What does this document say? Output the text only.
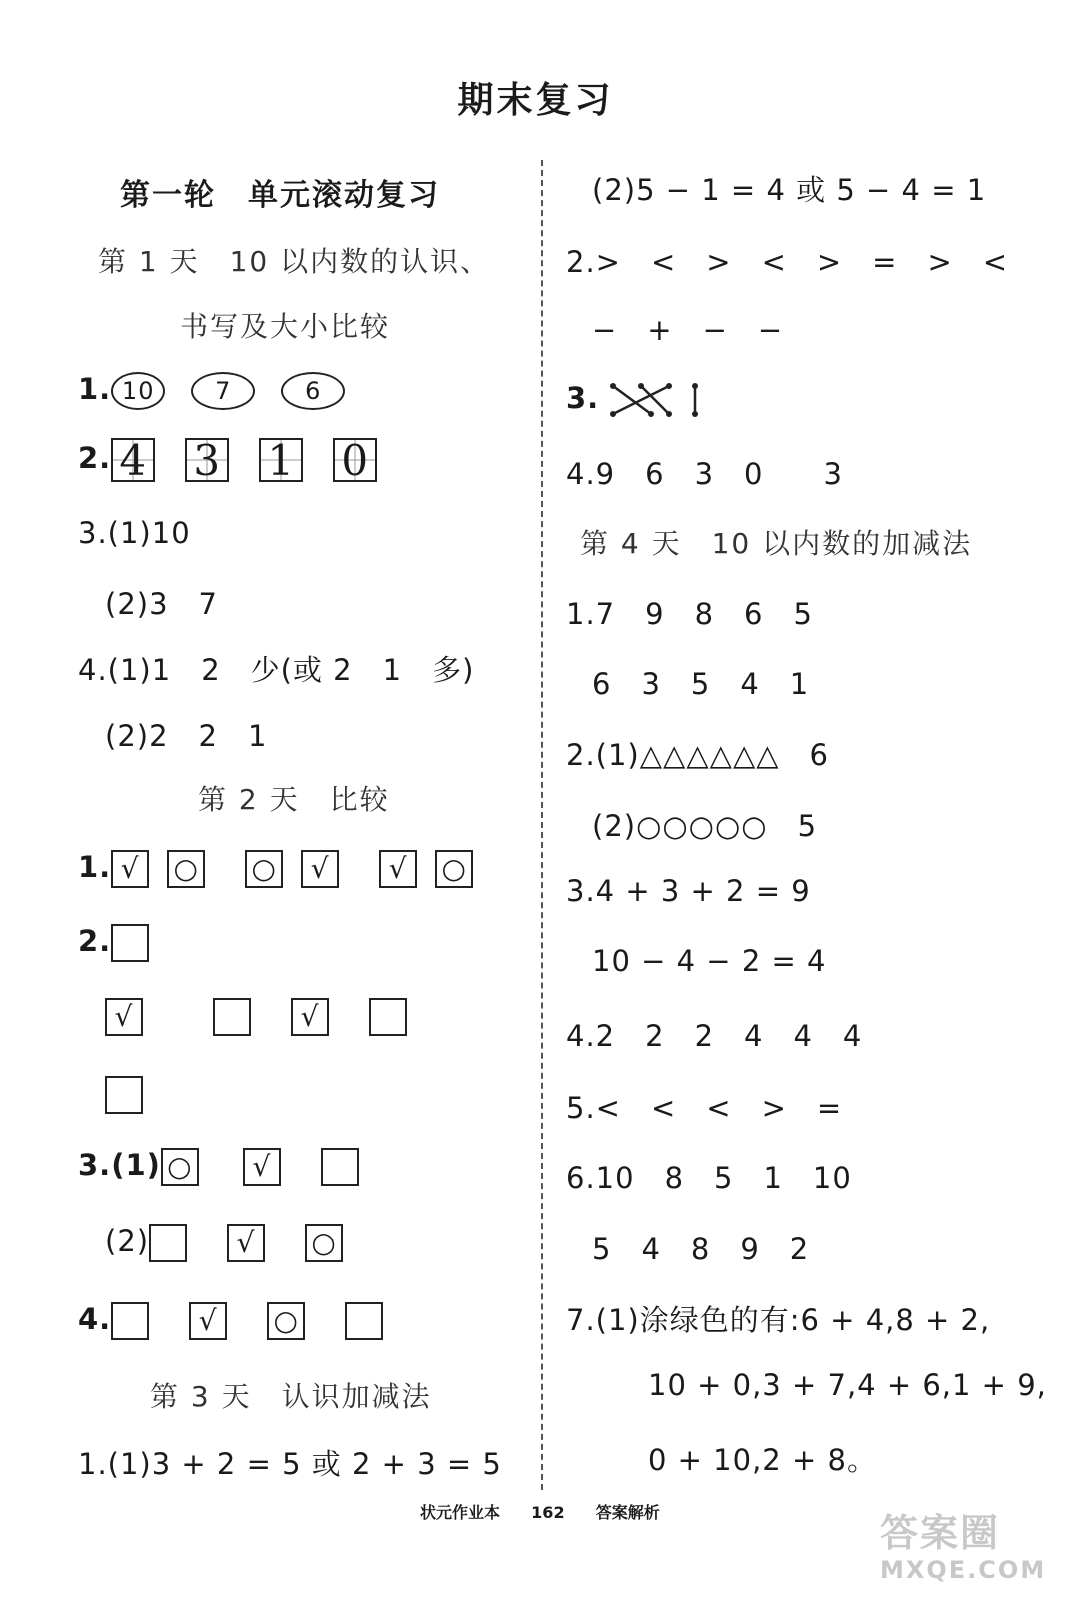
期末复习
第一轮　单元滚动复习
第 1 天　10 以内数的认识、
书写及大小比较
1. 10	7	6
2. 4 3 1 0
3.(1)10
(2)3　7
4.(1)1　2　少(或 2　1　多)
(2)2　2　1
第 2 天　比较
1. √ ○ ○ √ √ ○
2.
√	√
3.(1) ○ √
(2)	√ ○
4.	√ ○
第 3 天　认识加减法
1.(1)3 + 2 = 5 或 2 + 3 = 5
(2)5 − 1 = 4 或 5 − 4 = 1
2.>　<　>　<　>　=　>　<
−　+　−　−
3.
4.9　6　3　0　　3
第 4 天　10 以内数的加减法
1.7　9　8　6　5
6　3　5　4　1
2.(1)△△△△△△　6
(2)○○○○○　5
3.4 + 3 + 2 = 9
10 − 4 − 2 = 4
4.2　2　2　4　4　4
5.<　<　<　>　=
6.10　8　5　1　10
5　4　8　9　2
7.(1)涂绿色的有:6 + 4,8 + 2,
10 + 0,3 + 7,4 + 6,1 + 9,
0 + 10,2 + 8。
状元作业本 162 答案解析	答案圈
MXQE.COM
